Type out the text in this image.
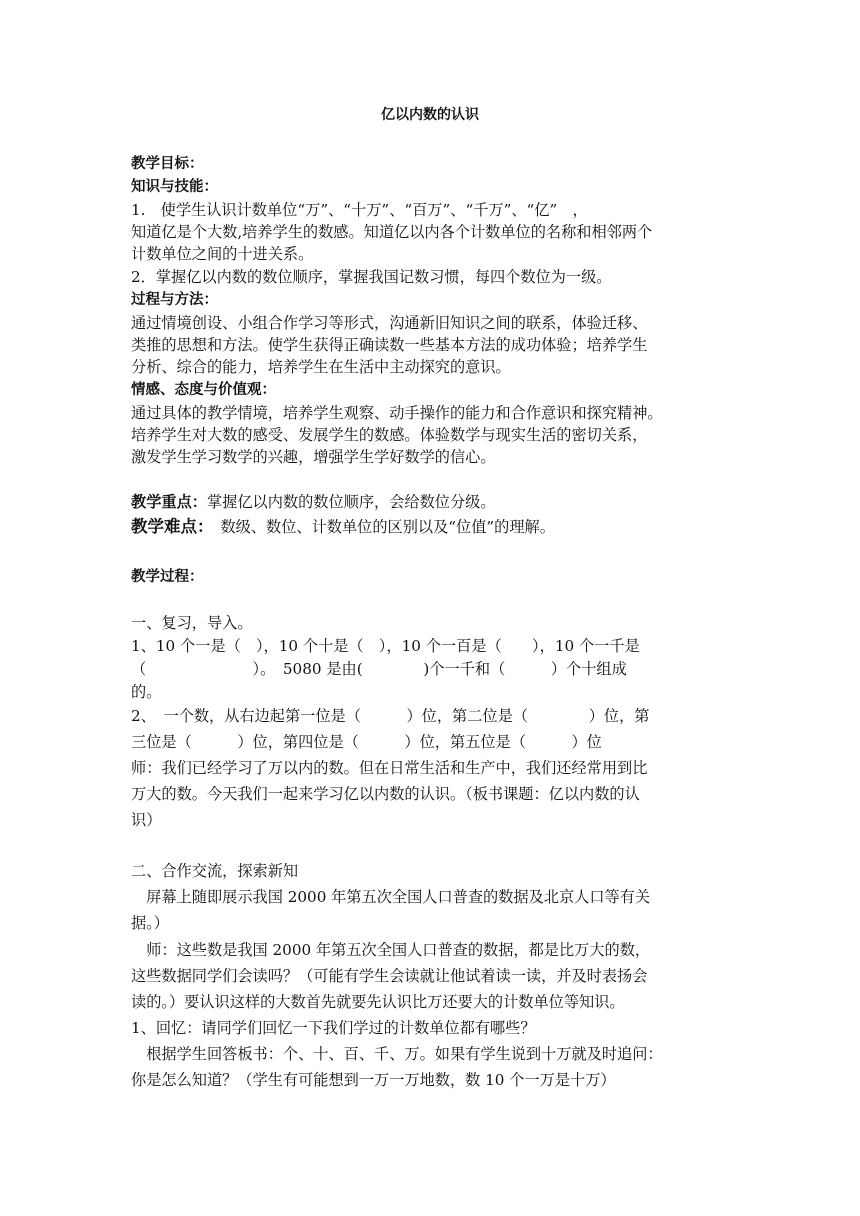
亿以内数的认识
教学目标：
知识与技能：
1.　使学生认识计数单位“万”、“十万”、“百万”、“千万”、“亿”　，
知道亿是个大数,培养学生的数感。知道亿以内各个计数单位的名称和相邻两个
计数单位之间的十进关系。
2．掌握亿以内数的数位顺序，掌握我国记数习惯，每四个数位为一级。
过程与方法：
通过情境创设、小组合作学习等形式，沟通新旧知识之间的联系，体验迁移、
类推的思想和方法。使学生获得正确读数一些基本方法的成功体验；培养学生
分析、综合的能力，培养学生在生活中主动探究的意识。
情感、态度与价值观：
通过具体的教学情境，培养学生观察、动手操作的能力和合作意识和探究精神。
培养学生对大数的感受、发展学生的数感。体验数学与现实生活的密切关系，
激发学生学习数学的兴趣，增强学生学好数学的信心。
教学重点：掌握亿以内数的数位顺序，会给数位分级。
教学难点：　数级、数位、计数单位的区别以及“位值”的理解。
教学过程：
一、复习，导入。
1、10 个一是（　），10 个十是（　），10 个一百是（　　），10 个一千是
（　　　　　　　）。　5080 是由(　　　　)个一千和（　　　）个十组成
的。
2、　一个数，从右边起第一位是（　　　）位，第二位是（　　　　）位，第
三位是（　　　）位，第四位是（　　　）位，第五位是（　　　）位
师：我们已经学习了万以内的数。但在日常生活和生产中，我们还经常用到比
万大的数。今天我们一起来学习亿以内数的认识。（板书课题：亿以内数的认
识）
二、合作交流，探索新知
　屏幕上随即展示我国 2000 年第五次全国人口普查的数据及北京人口等有关
据。）
　师：这些数是我国 2000 年第五次全国人口普查的数据，都是比万大的数，
这些数据同学们会读吗？（可能有学生会读就让他试着读一读，并及时表扬会
读的。）要认识这样的大数首先就要先认识比万还要大的计数单位等知识。
1、回忆：请同学们回忆一下我们学过的计数单位都有哪些？
　根据学生回答板书：个、十、百、千、万。如果有学生说到十万就及时追问：
你是怎么知道？（学生有可能想到一万一万地数，数 10 个一万是十万）
